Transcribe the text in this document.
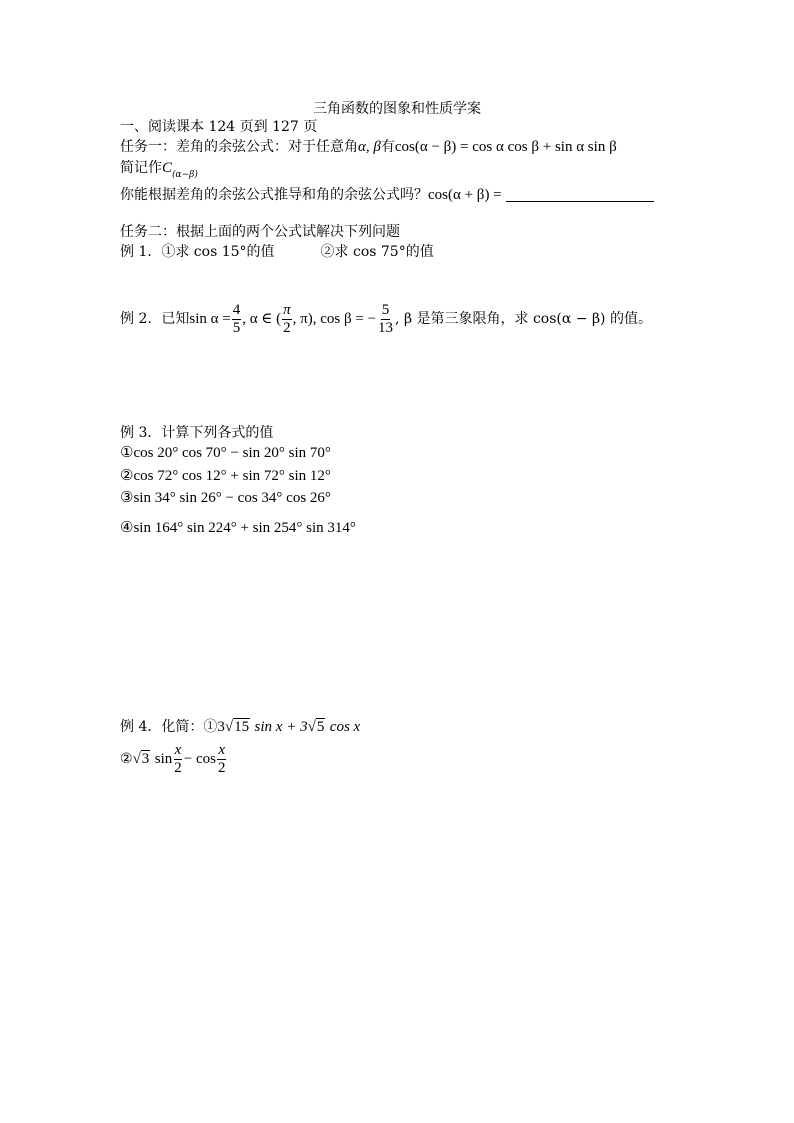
三角函数的图象和性质学案
一、阅读课本 124 页到 127 页
任务一：差角的余弦公式：对于任意角α, β有cos(α − β) = cos α cos β + sin α sin β
简记作$C_{(\alpha-\beta)}$
你能根据差角的余弦公式推导和角的余弦公式吗？cos(α + β) =
任务二：根据上面的两个公式试解决下列问题
例 1．①求 cos 15°的值	②求 cos 75°的值
例 2．已知$\sin \alpha = \frac{4}{5}$ , α ∈ ( $\frac{\pi}{2}$ , π), cos β = − $\frac{5}{13}$ , β 是第三象限角，求 cos(α − β) 的值。
例 3．计算下列各式的值
①cos 20° cos 70° − sin 20° sin 70°
②cos 72° cos 12° + sin 72° sin 12°
③sin 34° sin 26° − cos 34° cos 26°
④sin 164° sin 224° + sin 254° sin 314°
例 4．化简：①3√15 sin x + 3√5 cos x
②√3 $\sin \frac{x}{2} - \cos \frac{x}{2}$
